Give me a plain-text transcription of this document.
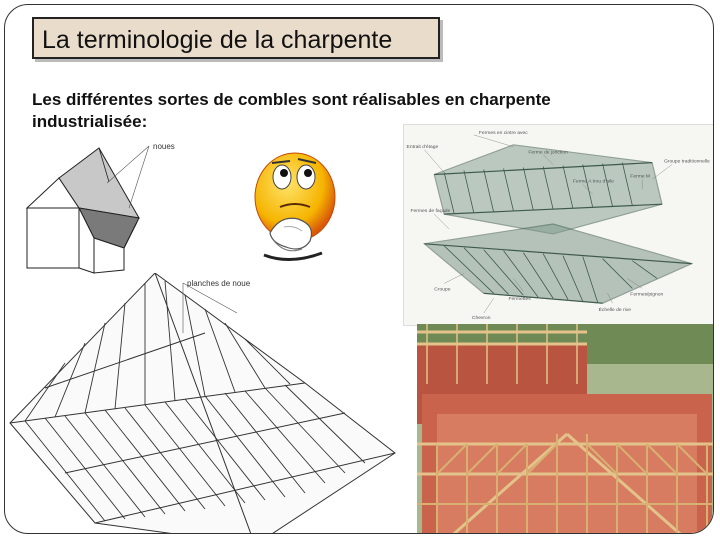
La terminologie de la charpente
Les différentes sortes de combles sont réalisables en charpente industrialisée:
Fermes en cintre avec
Entrait d'étage
Ferme de jonction
Ferme A trou d'aile
Ferme M
Fermes de façade
Groupe traditionnelle
Croupe
Fermettes
Chevron
Échelle de rive
Fermes/pignon
noues
planches de noue
